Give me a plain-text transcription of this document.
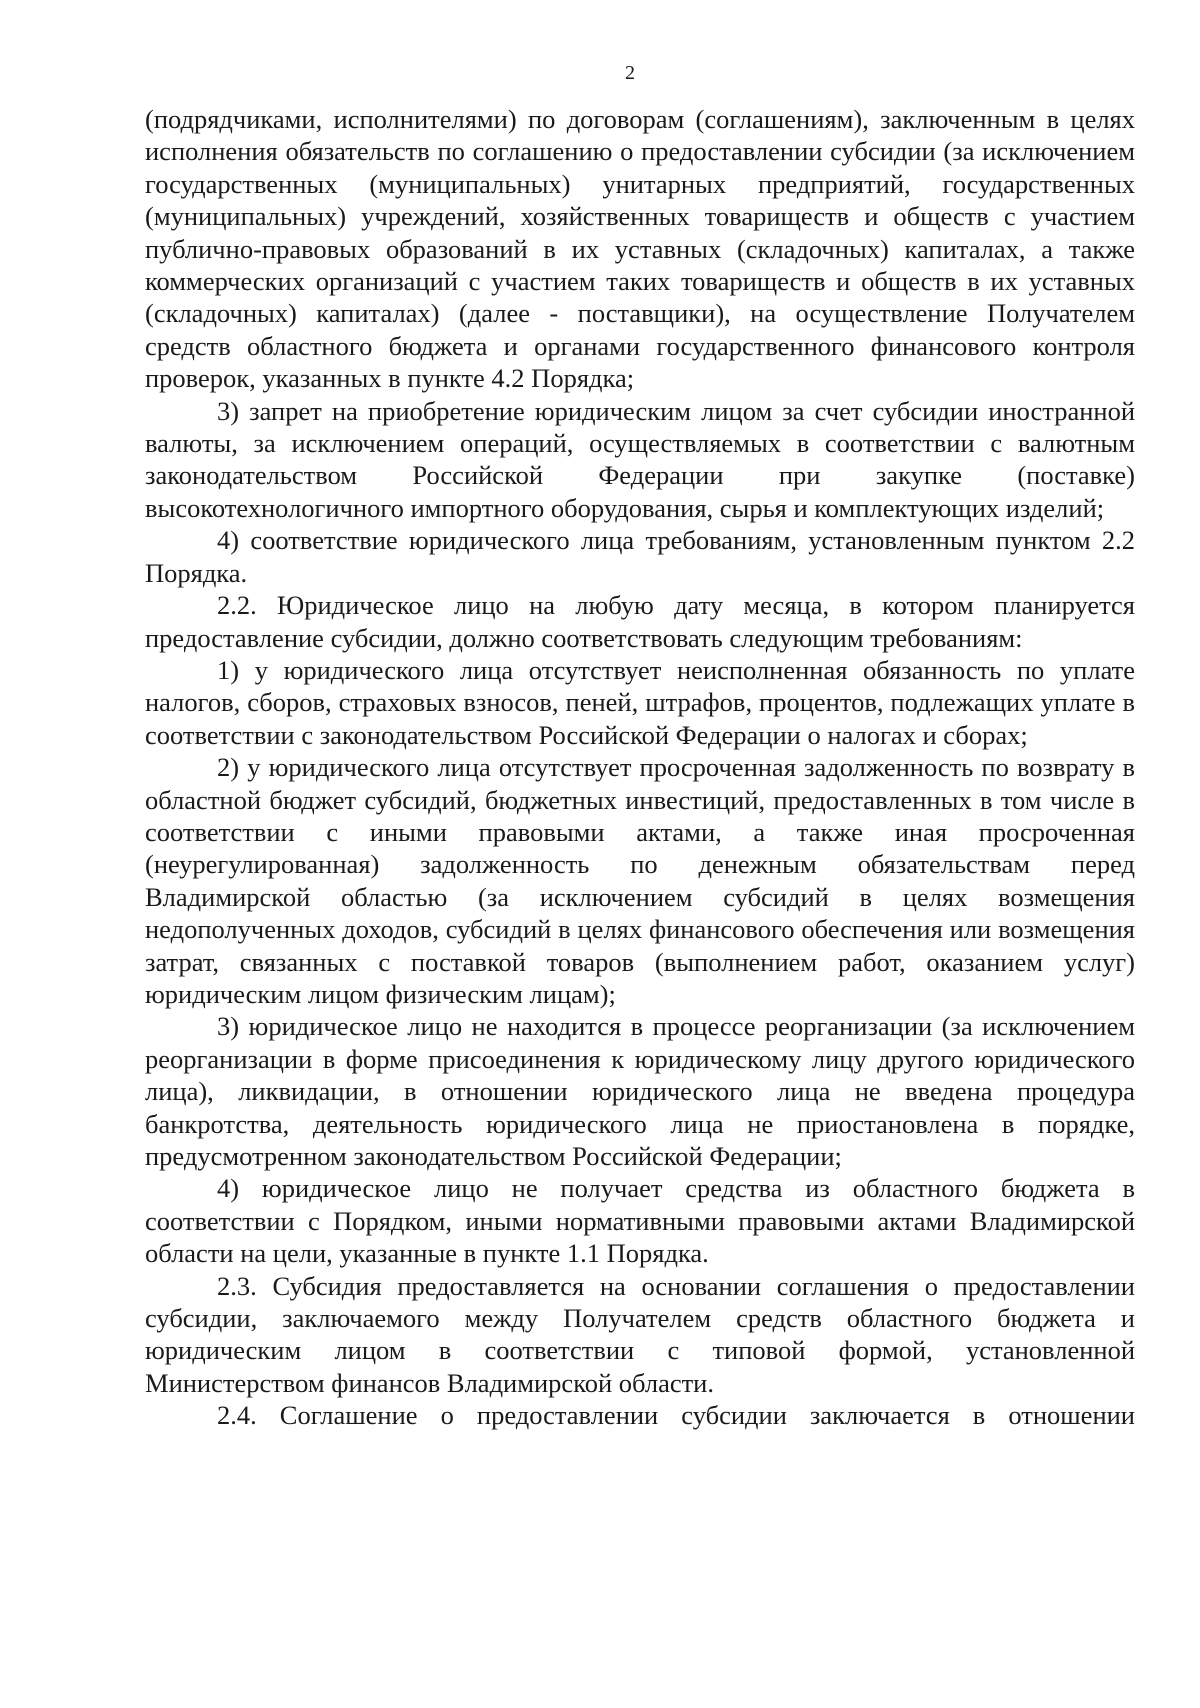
2

(подрядчиками, исполнителями) по договорам (соглашениям), заключенным в целях исполнения обязательств по соглашению о предоставлении субсидии (за исключением государственных (муниципальных) унитарных предприятий, государственных (муниципальных) учреждений, хозяйственных товариществ и обществ с участием публично-правовых образований в их уставных (складочных) капиталах, а также коммерческих организаций с участием таких товариществ и обществ в их уставных (складочных) капиталах) (далее - поставщики), на осуществление Получателем средств областного бюджета и органами государственного финансового контроля проверок, указанных в пункте 4.2 Порядка;

3) запрет на приобретение юридическим лицом за счет субсидии иностранной валюты, за исключением операций, осуществляемых в соответствии с валютным законодательством Российской Федерации при закупке (поставке) высокотехнологичного импортного оборудования, сырья и комплектующих изделий;

4) соответствие юридического лица требованиям, установленным пунктом 2.2 Порядка.

2.2. Юридическое лицо на любую дату месяца, в котором планируется предоставление субсидии, должно соответствовать следующим требованиям:

1) у юридического лица отсутствует неисполненная обязанность по уплате налогов, сборов, страховых взносов, пеней, штрафов, процентов, подлежащих уплате в соответствии с законодательством Российской Федерации о налогах и сборах;

2) у юридического лица отсутствует просроченная задолженность по возврату в областной бюджет субсидий, бюджетных инвестиций, предоставленных в том числе в соответствии с иными правовыми актами, а также иная просроченная (неурегулированная) задолженность по денежным обязательствам перед Владимирской областью (за исключением субсидий в целях возмещения недополученных доходов, субсидий в целях финансового обеспечения или возмещения затрат, связанных с поставкой товаров (выполнением работ, оказанием услуг) юридическим лицом физическим лицам);

3) юридическое лицо не находится в процессе реорганизации (за исключением реорганизации в форме присоединения к юридическому лицу другого юридического лица), ликвидации, в отношении юридического лица не введена процедура банкротства, деятельность юридического лица не приостановлена в порядке, предусмотренном законодательством Российской Федерации;

4) юридическое лицо не получает средства из областного бюджета в соответствии с Порядком, иными нормативными правовыми актами Владимирской области на цели, указанные в пункте 1.1 Порядка.

2.3. Субсидия предоставляется на основании соглашения о предоставлении субсидии, заключаемого между Получателем средств областного бюджета и юридическим лицом в соответствии с типовой формой, установленной Министерством финансов Владимирской области.

2.4. Соглашение о предоставлении субсидии заключается в отношении
